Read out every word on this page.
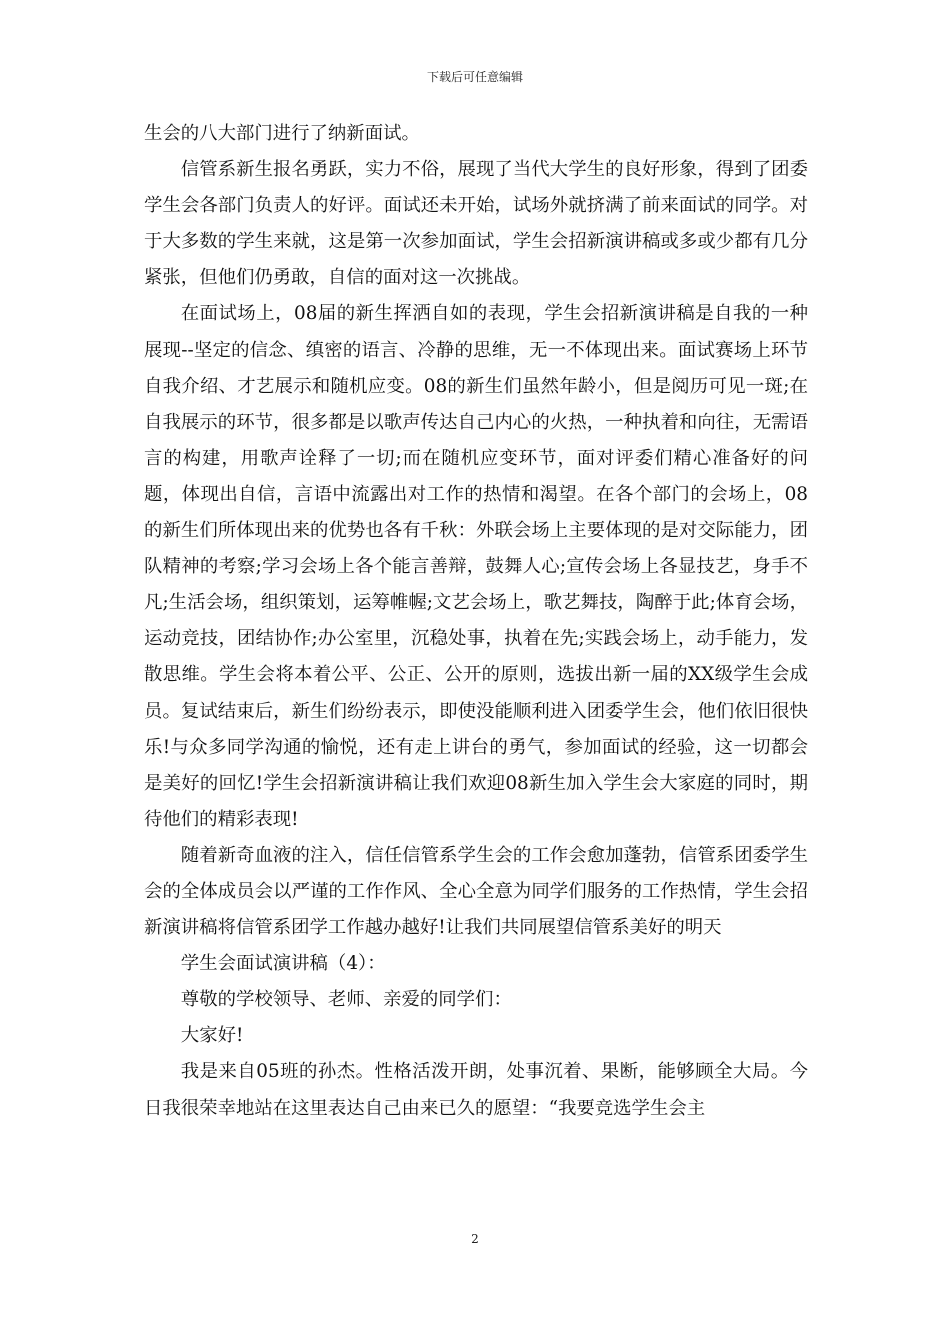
下载后可任意编辑

生会的八大部门进行了纳新面试。

信管系新生报名勇跃，实力不俗，展现了当代大学生的良好形象，得到了团委学生会各部门负责人的好评。面试还未开始，试场外就挤满了前来面试的同学。对于大多数的学生来就，这是第一次参加面试，学生会招新演讲稿或多或少都有几分紧张，但他们仍勇敢，自信的面对这一次挑战。

在面试场上，08届的新生挥洒自如的表现，学生会招新演讲稿是自我的一种展现--坚定的信念、缜密的语言、冷静的思维，无一不体现出来。面试赛场上环节自我介绍、才艺展示和随机应变。08的新生们虽然年龄小，但是阅历可见一斑;在自我展示的环节，很多都是以歌声传达自己内心的火热，一种执着和向往，无需语言的构建，用歌声诠释了一切;而在随机应变环节，面对评委们精心准备好的问题，体现出自信，言语中流露出对工作的热情和渴望。在各个部门的会场上，08的新生们所体现出来的优势也各有千秋：外联会场上主要体现的是对交际能力，团队精神的考察;学习会场上各个能言善辩，鼓舞人心;宣传会场上各显技艺，身手不凡;生活会场，组织策划，运筹帷幄;文艺会场上，歌艺舞技，陶醉于此;体育会场，运动竞技，团结协作;办公室里，沉稳处事，执着在先;实践会场上，动手能力，发散思维。学生会将本着公平、公正、公开的原则，选拔出新一届的XX级学生会成员。复试结束后，新生们纷纷表示，即使没能顺利进入团委学生会，他们依旧很快乐!与众多同学沟通的愉悦，还有走上讲台的勇气，参加面试的经验，这一切都会是美好的回忆!学生会招新演讲稿让我们欢迎08新生加入学生会大家庭的同时，期待他们的精彩表现!

随着新奇血液的注入，信任信管系学生会的工作会愈加蓬勃，信管系团委学生会的全体成员会以严谨的工作作风、全心全意为同学们服务的工作热情，学生会招新演讲稿将信管系团学工作越办越好!让我们共同展望信管系美好的明天

学生会面试演讲稿（4）：

尊敬的学校领导、老师、亲爱的同学们：

大家好!

我是来自05班的孙杰。性格活泼开朗，处事沉着、果断，能够顾全大局。今日我很荣幸地站在这里表达自己由来已久的愿望：“我要竞选学生会主

2
